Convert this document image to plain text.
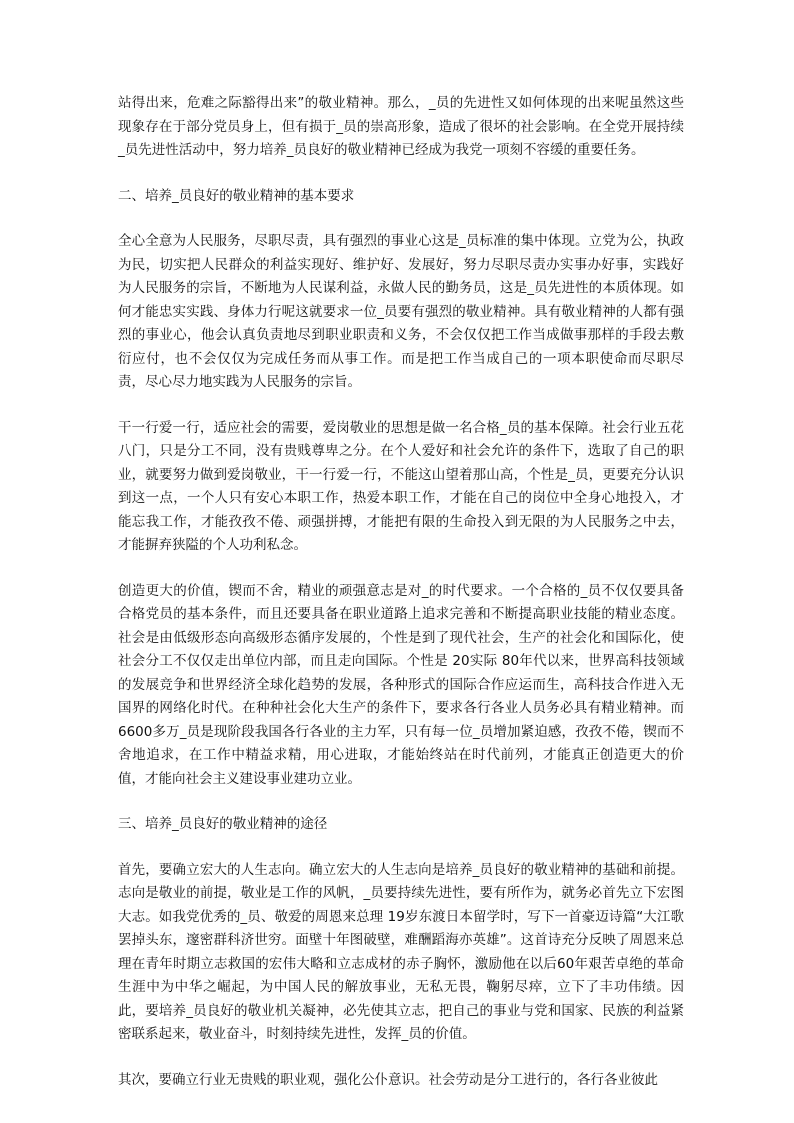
站得出来，危难之际豁得出来”的敬业精神。那么，_员的先进性又如何体现的出来呢虽然这些现象存在于部分党员身上，但有损于_员的崇高形象，造成了很坏的社会影响。在全党开展持续_员先进性活动中，努力培养_员良好的敬业精神已经成为我党一项刻不容缓的重要任务。

二、培养_员良好的敬业精神的基本要求

全心全意为人民服务，尽职尽责，具有强烈的事业心这是_员标准的集中体现。立党为公，执政为民，切实把人民群众的利益实现好、维护好、发展好，努力尽职尽责办实事办好事，实践好为人民服务的宗旨，不断地为人民谋利益，永做人民的勤务员，这是_员先进性的本质体现。如何才能忠实实践、身体力行呢这就要求一位_员要有强烈的敬业精神。具有敬业精神的人都有强烈的事业心，他会认真负责地尽到职业职责和义务，不会仅仅把工作当成做事那样的手段去敷衍应付，也不会仅仅为完成任务而从事工作。而是把工作当成自己的一项本职使命而尽职尽责，尽心尽力地实践为人民服务的宗旨。

干一行爱一行，适应社会的需要，爱岗敬业的思想是做一名合格_员的基本保障。社会行业五花八门，只是分工不同，没有贵贱尊卑之分。在个人爱好和社会允许的条件下，选取了自己的职业，就要努力做到爱岗敬业，干一行爱一行，不能这山望着那山高，个性是_员，更要充分认识到这一点，一个人只有安心本职工作，热爱本职工作，才能在自己的岗位中全身心地投入，才能忘我工作，才能孜孜不倦、顽强拼搏，才能把有限的生命投入到无限的为人民服务之中去，才能摒弃狭隘的个人功利私念。

创造更大的价值，锲而不舍，精业的顽强意志是对_的时代要求。一个合格的_员不仅仅要具备合格党员的基本条件，而且还要具备在职业道路上追求完善和不断提高职业技能的精业态度。社会是由低级形态向高级形态循序发展的，个性是到了现代社会，生产的社会化和国际化，使社会分工不仅仅走出单位内部，而且走向国际。个性是 20实际 80年代以来，世界高科技领域的发展竞争和世界经济全球化趋势的发展，各种形式的国际合作应运而生，高科技合作进入无国界的网络化时代。在种种社会化大生产的条件下，要求各行各业人员务必具有精业精神。而 6600多万_员是现阶段我国各行各业的主力军，只有每一位_员增加紧迫感，孜孜不倦，锲而不舍地追求，在工作中精益求精，用心进取，才能始终站在时代前列，才能真正创造更大的价值，才能向社会主义建设事业建功立业。

三、培养_员良好的敬业精神的途径

首先，要确立宏大的人生志向。确立宏大的人生志向是培养_员良好的敬业精神的基础和前提。志向是敬业的前提，敬业是工作的风帆，_员要持续先进性，要有所作为，就务必首先立下宏图大志。如我党优秀的_员、敬爱的周恩来总理 19岁东渡日本留学时，写下一首豪迈诗篇“大江歌罢掉头东，邃密群科济世穷。面壁十年图破壁，难酬蹈海亦英雄”。这首诗充分反映了周恩来总理在青年时期立志救国的宏伟大略和立志成材的赤子胸怀，激励他在以后60年艰苦卓绝的革命生涯中为中华之崛起，为中国人民的解放事业，无私无畏，鞠躬尽瘁，立下了丰功伟绩。因此，要培养_员良好的敬业机关凝神，必先使其立志，把自己的事业与党和国家、民族的利益紧密联系起来，敬业奋斗，时刻持续先进性，发挥_员的价值。

其次，要确立行业无贵贱的职业观，强化公仆意识。社会劳动是分工进行的，各行各业彼此
